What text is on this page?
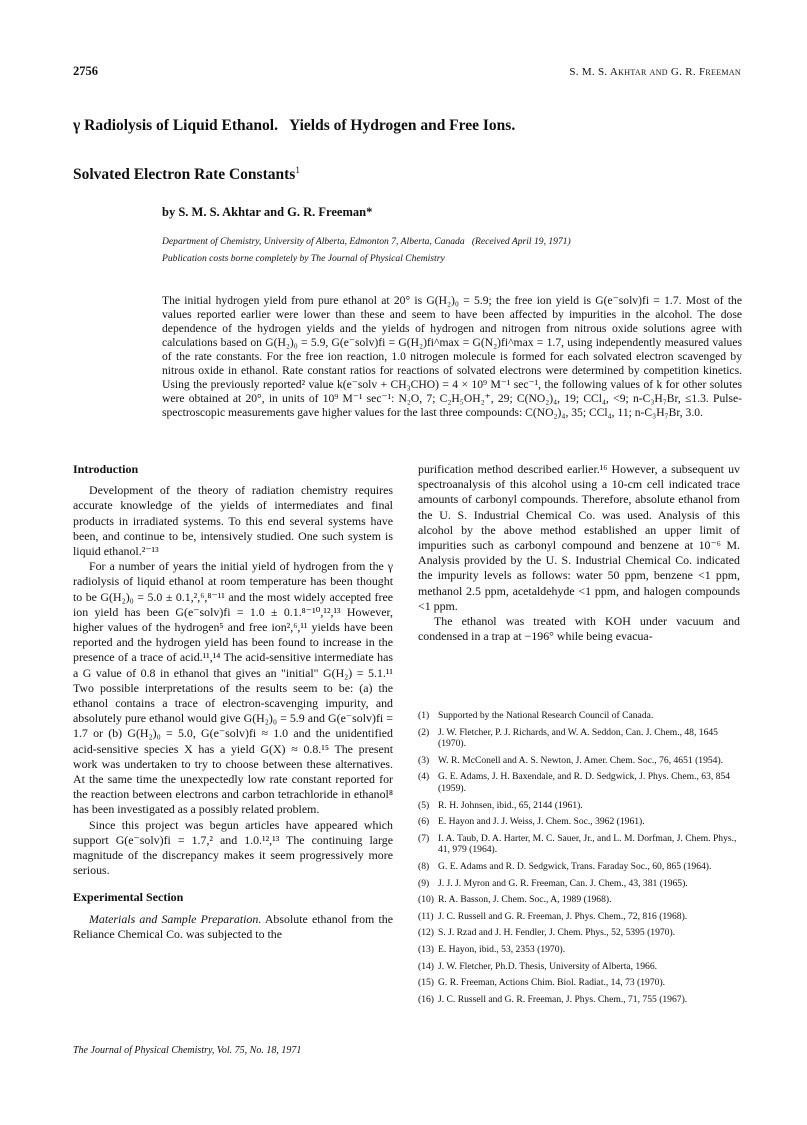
2756	S. M. S. Akhtar and G. R. Freeman
γ Radiolysis of Liquid Ethanol.   Yields of Hydrogen and Free Ions.
Solvated Electron Rate Constants$^1$
by S. M. S. Akhtar and G. R. Freeman*
Department of Chemistry, University of Alberta, Edmonton 7, Alberta, Canada   (Received April 19, 1971)
Publication costs borne completely by The Journal of Physical Chemistry
The initial hydrogen yield from pure ethanol at 20° is G(H₂)₀ = 5.9; the free ion yield is G(e⁻solv)fi = 1.7. Most of the values reported earlier were lower than these and seem to have been affected by impurities in the alcohol. The dose dependence of the hydrogen yields and the yields of hydrogen and nitrogen from nitrous oxide solutions agree with calculations based on G(H₂)₀ = 5.9, G(e⁻solv)fi = G(H₂)fi^max = G(N₂)fi^max = 1.7, using independently measured values of the rate constants. For the free ion reaction, 1.0 nitrogen molecule is formed for each solvated electron scavenged by nitrous oxide in ethanol. Rate constant ratios for reactions of solvated electrons were determined by competition kinetics. Using the previously reported² value k(e⁻solv + CH₃CHO) = 4 × 10⁹ M⁻¹ sec⁻¹, the following values of k for other solutes were obtained at 20°, in units of 10⁹ M⁻¹ sec⁻¹: N₂O, 7; C₂H₅OH₂⁺, 29; C(NO₂)₄, 19; CCl₄, <9; n-C₃H₇Br, ≤1.3. Pulse-spectroscopic measurements gave higher values for the last three compounds: C(NO₂)₄, 35; CCl₄, 11; n-C₃H₇Br, 3.0.

Introduction

Development of the theory of radiation chemistry requires accurate knowledge of the yields of intermediates and final products in irradiated systems. To this end several systems have been, and continue to be, intensively studied. One such system is liquid ethanol.²⁻¹³

For a number of years the initial yield of hydrogen from the γ radiolysis of liquid ethanol at room temperature has been thought to be G(H₂)₀ = 5.0 ± 0.1,²,⁶,⁸⁻¹¹ and the most widely accepted free ion yield has been G(e⁻solv)fi = 1.0 ± 0.1.⁸⁻¹⁰,¹²,¹³ However, higher values of the hydrogen⁵ and free ion²,⁶,¹¹ yields have been reported and the hydrogen yield has been found to increase in the presence of a trace of acid.¹¹,¹⁴ The acid-sensitive intermediate has a G value of 0.8 in ethanol that gives an "initial" G(H₂) = 5.1.¹¹ Two possible interpretations of the results seem to be: (a) the ethanol contains a trace of electron-scavenging impurity, and absolutely pure ethanol would give G(H₂)₀ = 5.9 and G(e⁻solv)fi = 1.7 or (b) G(H₂)₀ = 5.0, G(e⁻solv)fi ≈ 1.0 and the unidentified acid-sensitive species X has a yield G(X) ≈ 0.8.¹⁵ The present work was undertaken to try to choose between these alternatives. At the same time the unexpectedly low rate constant reported for the reaction between electrons and carbon tetrachloride in ethanol⁸ has been investigated as a possibly related problem.

Since this project was begun articles have appeared which support G(e⁻solv)fi = 1.7,² and 1.0.¹²,¹³ The continuing large magnitude of the discrepancy makes it seem progressively more serious.

Experimental Section

Materials and Sample Preparation. Absolute ethanol from the Reliance Chemical Co. was subjected to the

purification method described earlier.¹⁶ However, a subsequent uv spectroanalysis of this alcohol using a 10-cm cell indicated trace amounts of carbonyl compounds. Therefore, absolute ethanol from the U. S. Industrial Chemical Co. was used. Analysis of this alcohol by the above method established an upper limit of impurities such as carbonyl compound and benzene at 10⁻⁶ M. Analysis provided by the U. S. Industrial Chemical Co. indicated the impurity levels as follows: water 50 ppm, benzene <1 ppm, methanol 2.5 ppm, acetaldehyde <1 ppm, and halogen compounds <1 ppm.

The ethanol was treated with KOH under vacuum and condensed in a trap at −196° while being evacua-

(1) Supported by the National Research Council of Canada.
(2) J. W. Fletcher, P. J. Richards, and W. A. Seddon, Can. J. Chem., 48, 1645 (1970).
(3) W. R. McConell and A. S. Newton, J. Amer. Chem. Soc., 76, 4651 (1954).
(4) G. E. Adams, J. H. Baxendale, and R. D. Sedgwick, J. Phys. Chem., 63, 854 (1959).
(5) R. H. Johnsen, ibid., 65, 2144 (1961).
(6) E. Hayon and J. J. Weiss, J. Chem. Soc., 3962 (1961).
(7) I. A. Taub, D. A. Harter, M. C. Sauer, Jr., and L. M. Dorfman, J. Chem. Phys., 41, 979 (1964).
(8) G. E. Adams and R. D. Sedgwick, Trans. Faraday Soc., 60, 865 (1964).
(9) J. J. J. Myron and G. R. Freeman, Can. J. Chem., 43, 381 (1965).
(10) R. A. Basson, J. Chem. Soc., A, 1989 (1968).
(11) J. C. Russell and G. R. Freeman, J. Phys. Chem., 72, 816 (1968).
(12) S. J. Rzad and J. H. Fendler, J. Chem. Phys., 52, 5395 (1970).
(13) E. Hayon, ibid., 53, 2353 (1970).
(14) J. W. Fletcher, Ph.D. Thesis, University of Alberta, 1966.
(15) G. R. Freeman, Actions Chim. Biol. Radiat., 14, 73 (1970).
(16) J. C. Russell and G. R. Freeman, J. Phys. Chem., 71, 755 (1967).
The Journal of Physical Chemistry, Vol. 75, No. 18, 1971
